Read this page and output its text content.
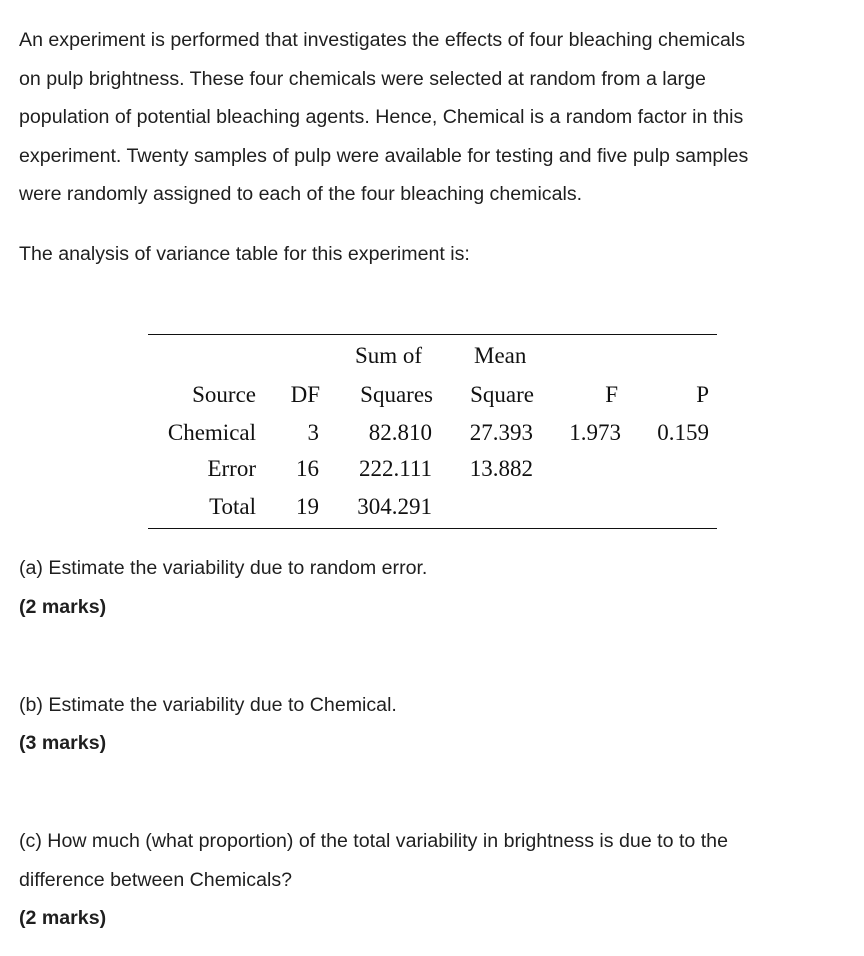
An experiment is performed that investigates the effects of four bleaching chemicals
on pulp brightness. These four chemicals were selected at random from a large
population of potential bleaching agents. Hence, Chemical is a random factor in this
experiment. Twenty samples of pulp were available for testing and five pulp samples
were randomly assigned to each of the four bleaching chemicals.

The analysis of variance table for this experiment is:

Sum of Mean
Source DF Squares Square	F	P
Chemical 3 82.810 27.393 1.973 0.159
Error 16 222.111 13.882
Total 19 304.291

(a) Estimate the variability due to random error.

(2 marks)

(b) Estimate the variability due to Chemical.

(3 marks)

(c) How much (what proportion) of the total variability in brightness is due to to the

difference between Chemicals?

(2 marks)
